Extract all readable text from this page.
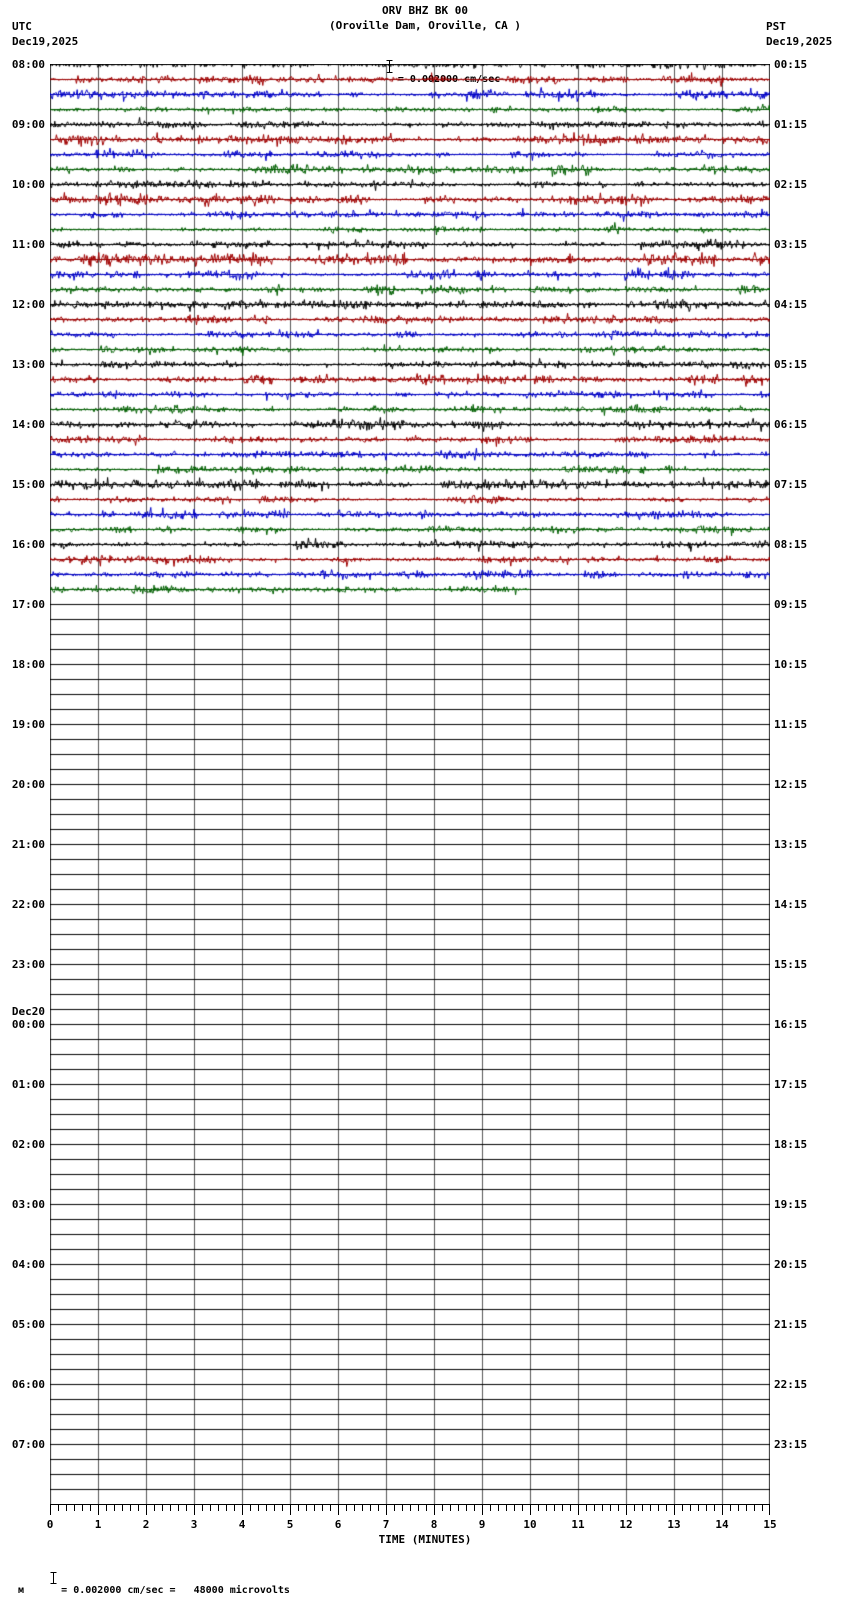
ORV BHZ BK 00
(Oroville Dam, Oroville, CA )

UTC
Dec19,2025
PST
Dec19,2025
08:00
09:00
10:00
11:00
12:00
13:00
14:00
15:00
16:00
17:00
18:00
19:00
20:00
21:00
22:00
23:00
Dec20
00:00
01:00
02:00
03:00
04:00
05:00
06:00
07:00
00:15
01:15
02:15
03:15
04:15
05:15
06:15
07:15
08:15
09:15
10:15
11:15
12:15
13:15
14:15
15:15
16:15
17:15
18:15
19:15
20:15
21:15
22:15
23:15
0	1	2	3	4	5	6	7	8	9	10	11	12	13	14	15
TIME (MINUTES)

м
	= 0.002000 cm/sec =   48000 microvolts
